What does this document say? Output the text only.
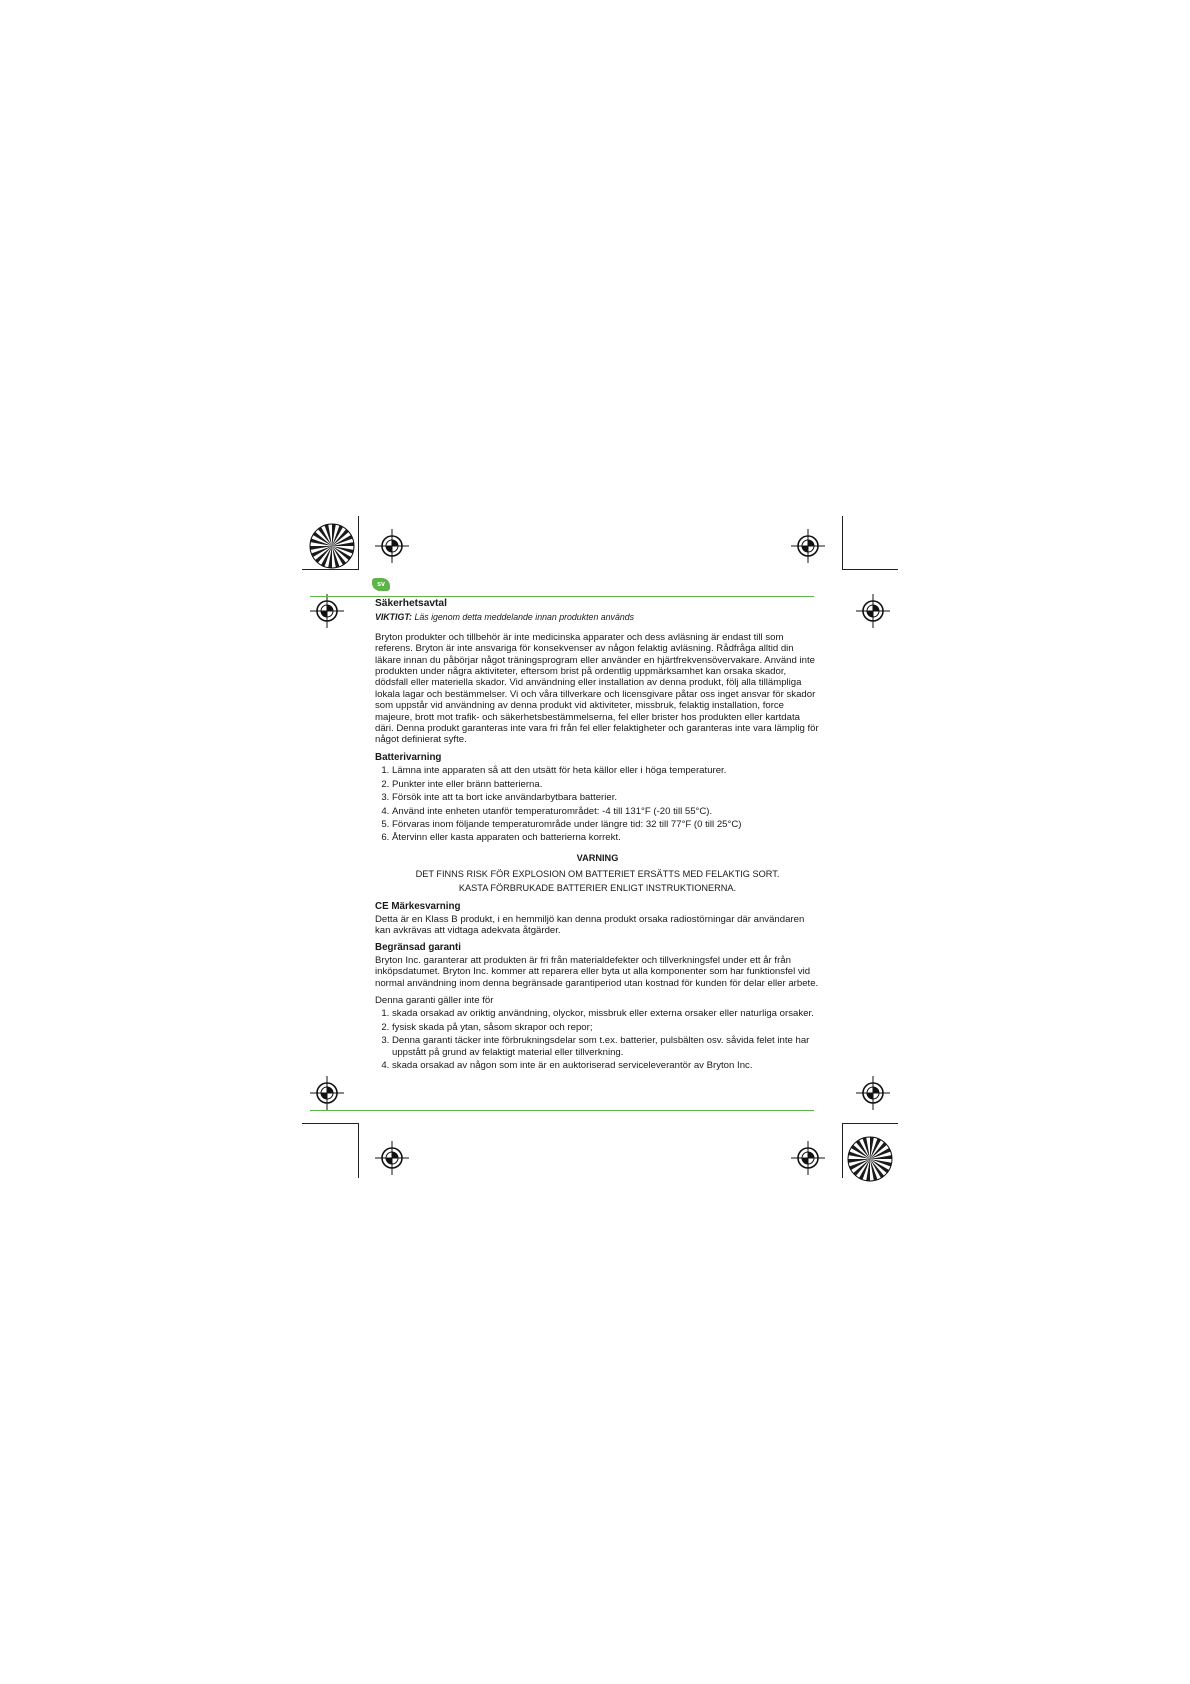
sv
Säkerhetsavtal
VIKTIGT: Läs igenom detta meddelande innan produkten används

Bryton produkter och tillbehör är inte medicinska apparater och dess avläsning är endast till som referens. Bryton är inte ansvariga för konsekvenser av någon felaktig avläsning. Rådfråga alltid din läkare innan du påbörjar något träningsprogram eller använder en hjärtfrekvensövervakare. Använd inte produkten under några aktiviteter, eftersom brist på ordentlig uppmärksamhet kan orsaka skador, dödsfall eller materiella skador. Vid användning eller installation av denna produkt, följ alla tillämpliga lokala lagar och bestämmelser. Vi och våra tillverkare och licensgivare påtar oss inget ansvar för skador som uppstår vid användning av denna produkt vid aktiviteter, missbruk, felaktig installation, force majeure, brott mot trafik- och säkerhetsbestämmelserna, fel eller brister hos produkten eller kartdata däri. Denna produkt garanteras inte vara fri från fel eller felaktigheter och garanteras inte vara lämplig för något definierat syfte.

Batterivarning
1. Lämna inte apparaten så att den utsätt för heta källor eller i höga temperaturer.
2. Punkter inte eller bränn batterierna.
3. Försök inte att ta bort icke användarbytbara batterier.
4. Använd inte enheten utanför temperaturområdet: -4 till 131°F (-20 till 55°C).
5. Förvaras inom följande temperaturområde under längre tid: 32 till 77°F (0 till 25°C)
6. Återvinn eller kasta apparaten och batterierna korrekt.
VARNING
DET FINNS RISK FÖR EXPLOSION OM BATTERIET ERSÄTTS MED FELAKTIG SORT.
KASTA FÖRBRUKADE BATTERIER ENLIGT INSTRUKTIONERNA.
CE Märkesvarning

Detta är en Klass B produkt, i en hemmiljö kan denna produkt orsaka radiostörningar där användaren kan avkrävas att vidtaga adekvata åtgärder.

Begränsad garanti

Bryton Inc. garanterar att produkten är fri från materialdefekter och tillverkningsfel under ett år från inköpsdatumet. Bryton Inc. kommer att reparera eller byta ut alla komponenter som har funktionsfel vid normal användning inom denna begränsade garantiperiod utan kostnad för kunden för delar eller arbete.

Denna garanti gäller inte för

1. skada orsakad av oriktig användning, olyckor, missbruk eller externa orsaker eller naturliga orsaker.
2. fysisk skada på ytan, såsom skrapor och repor;
3. Denna garanti täcker inte förbrukningsdelar som t.ex. batterier, pulsbälten osv. såvida felet inte har uppstått på grund av felaktigt material eller tillverkning.
4. skada orsakad av någon som inte är en auktoriserad serviceleverantör av Bryton Inc.
